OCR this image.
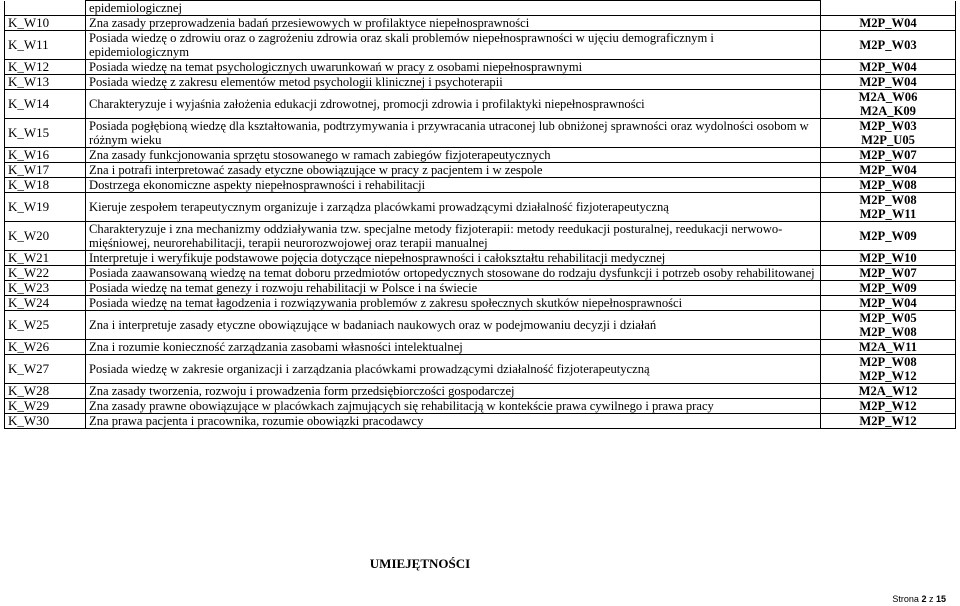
	epidemiologicznej	
K_W10	Zna zasady przeprowadzenia badań przesiewowych w profilaktyce niepełnosprawności	M2P_W04

K_W11	Posiada wiedzę o zdrowiu oraz o zagrożeniu zdrowia oraz skali problemów niepełnosprawności w ujęciu demograficznym i epidemiologicznym	M2P_W03

K_W12	Posiada wiedzę na temat psychologicznych uwarunkowań w pracy z osobami niepełnosprawnymi	M2P_W04

K_W13	Posiada wiedzę z zakresu elementów metod psychologii klinicznej i psychoterapii	M2P_W04

K_W14	Charakteryzuje i wyjaśnia założenia edukacji zdrowotnej, promocji zdrowia i profilaktyki niepełnosprawności	M2A_W06
M2A_K09

K_W15	Posiada pogłębioną wiedzę dla kształtowania, podtrzymywania i przywracania utraconej lub obniżonej sprawności oraz wydolności osobom w różnym wieku	M2P_W03
M2P_U05

K_W16	Zna zasady funkcjonowania sprzętu stosowanego w ramach zabiegów fizjoterapeutycznych	M2P_W07

K_W17	Zna i potrafi interpretować zasady etyczne obowiązujące w pracy z pacjentem i w zespole	M2P_W04

K_W18	Dostrzega ekonomiczne aspekty niepełnosprawności i rehabilitacji	M2P_W08

K_W19	Kieruje zespołem terapeutycznym organizuje i zarządza placówkami prowadzącymi działalność fizjoterapeutyczną	M2P_W08
M2P_W11

K_W20	Charakteryzuje i zna mechanizmy oddziaływania tzw. specjalne metody fizjoterapii: metody reedukacji posturalnej, reedukacji nerwowo-mięśniowej, neurorehabilitacji, terapii neurorozwojowej oraz terapii manualnej	M2P_W09

K_W21	Interpretuje i weryfikuje podstawowe pojęcia dotyczące niepełnosprawności i całokształtu rehabilitacji medycznej	M2P_W10

K_W22	Posiada zaawansowaną wiedzę na temat doboru przedmiotów ortopedycznych stosowane do rodzaju dysfunkcji i potrzeb osoby rehabilitowanej	M2P_W07

K_W23	Posiada wiedzę na temat genezy i rozwoju rehabilitacji w Polsce i na świecie	M2P_W09

K_W24	Posiada wiedzę na temat łagodzenia i rozwiązywania problemów z zakresu społecznych skutków niepełnosprawności	M2P_W04

K_W25	Zna i interpretuje zasady etyczne obowiązujące w badaniach naukowych oraz w podejmowaniu decyzji i działań	M2P_W05
M2P_W08

K_W26	Zna i rozumie konieczność zarządzania zasobami własności intelektualnej	M2A_W11

K_W27	Posiada wiedzę w zakresie organizacji i zarządzania placówkami prowadzącymi działalność fizjoterapeutyczną	M2P_W08
M2P_W12

K_W28	Zna zasady tworzenia, rozwoju i prowadzenia form przedsiębiorczości gospodarczej	M2A_W12

K_W29	Zna zasady prawne obowiązujące w placówkach zajmujących się rehabilitacją w kontekście prawa cywilnego i prawa pracy	M2P_W12

K_W30	Zna prawa pacjenta i pracownika, rozumie obowiązki pracodawcy	M2P_W12
UMIEJĘTNOŚCI
Strona 2 z 15
